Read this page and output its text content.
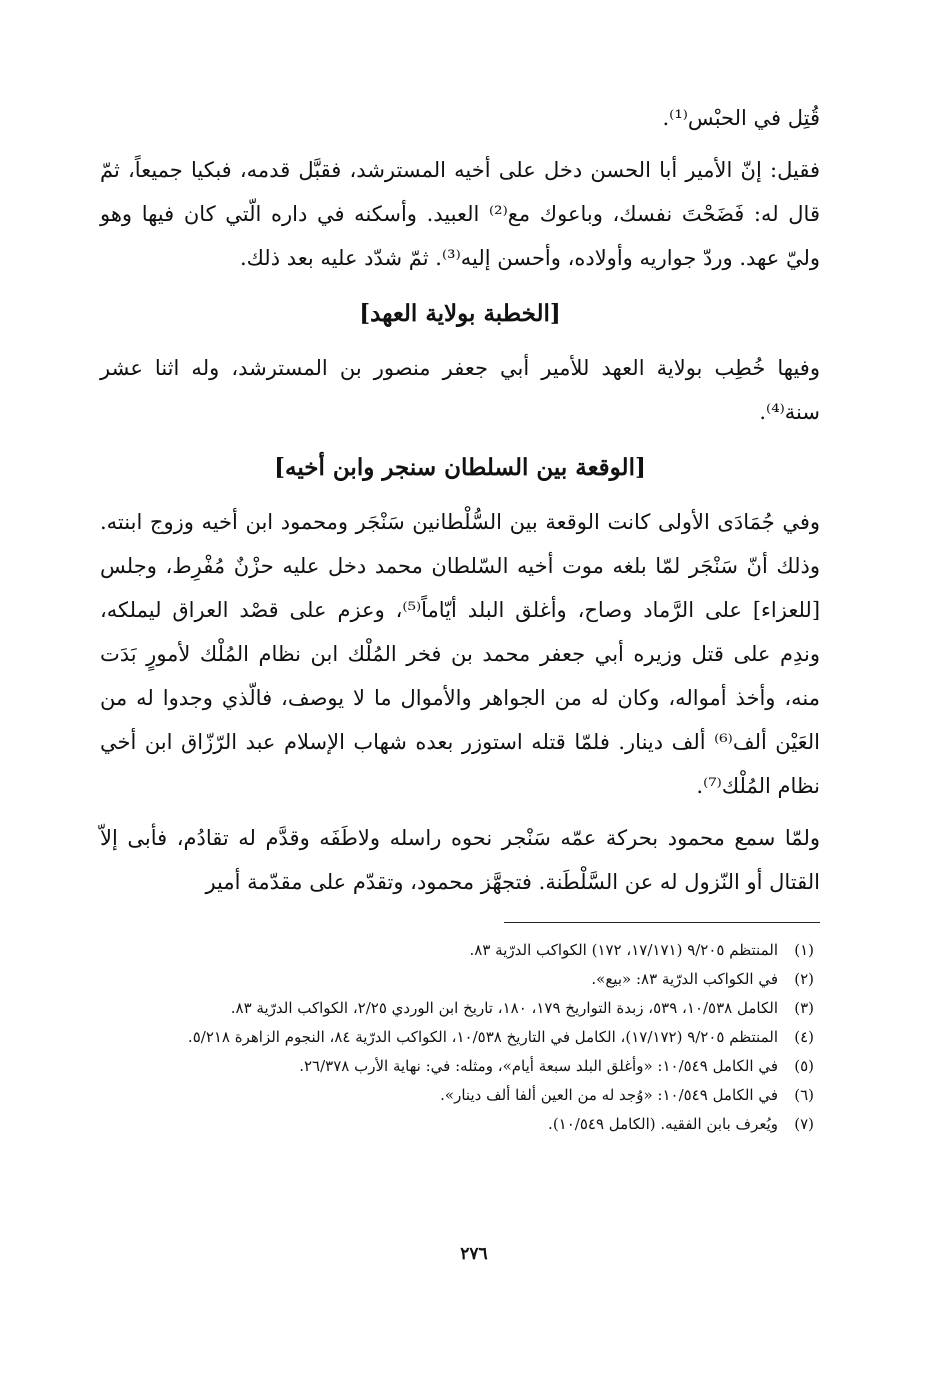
قُتِل في الحبْس⁽¹⁾.

فقيل: إنّ الأمير أبا الحسن دخل على أخيه المسترشد، فقبَّل قدمه، فبكيا جميعاً، ثمّ قال له: فَضَحْتَ نفسك، وباعوك مع⁽²⁾ العبيد. وأسكنه في داره الّتي كان فيها وهو وليّ عهد. وردّ جواريه وأولاده، وأحسن إليه⁽³⁾. ثمّ شدّد عليه بعد ذلك.

[الخطبة بولاية العهد]

وفيها خُطِب بولاية العهد للأمير أبي جعفر منصور بن المسترشد، وله اثنا عشر سنة⁽⁴⁾.

[الوقعة بين السلطان سنجر وابن أخيه]

وفي جُمَادَى الأولى كانت الوقعة بين السُّلْطانين سَنْجَر ومحمود ابن أخيه وزوج ابنته. وذلك أنّ سَنْجَر لمّا بلغه موت أخيه السّلطان محمد دخل عليه حزْنٌ مُفْرِط، وجلس [للعزاء] على الرَّماد وصاح، وأغلق البلد أيّاماً⁽⁵⁾، وعزم على قصْد العراق ليملكه، وندِم على قتل وزيره أبي جعفر محمد بن فخر المُلْك ابن نظام المُلْك لأمورٍ بَدَت منه، وأخذ أمواله، وكان له من الجواهر والأموال ما لا يوصف، فالّذي وجدوا له من العَيْن ألف⁽⁶⁾ ألف دينار. فلمّا قتله استوزر بعده شهاب الإسلام عبد الرّزّاق ابن أخي نظام المُلْك⁽⁷⁾.

ولمّا سمع محمود بحركة عمّه سَنْجر نحوه راسله ولاطَفَه وقدَّم له تقادُم، فأبى إلاّ القتال أو النّزول له عن السَّلْطَنة. فتجهَّز محمود، وتقدّم على مقدّمة أمير

(١)
المنتظم ٩/٢٠٥ (١٧/١٧١، ١٧٢) الكواكب الدرّية ٨٣.
(٢)
في الكواكب الدرّية ٨٣: «بيع».
(٣)
الكامل ١٠/٥٣٨، ٥٣٩، زبدة التواريخ ١٧٩، ١٨٠، تاريخ ابن الوردي ٢/٢٥، الكواكب الدرّية ٨٣.
(٤)
المنتظم ٩/٢٠٥ (١٧/١٧٢)، الكامل في التاريخ ١٠/٥٣٨، الكواكب الدرّية ٨٤، النجوم الزاهرة ٥/٢١٨.
(٥)
في الكامل ١٠/٥٤٩: «وأغلق البلد سبعة أيام»، ومثله: في: نهاية الأرب ٢٦/٣٧٨.
(٦)
في الكامل ١٠/٥٤٩: «وُجد له من العين ألفا ألف دينار».
(٧)
ويُعرف بابن الفقيه. (الكامل ١٠/٥٤٩).
٢٧٦
